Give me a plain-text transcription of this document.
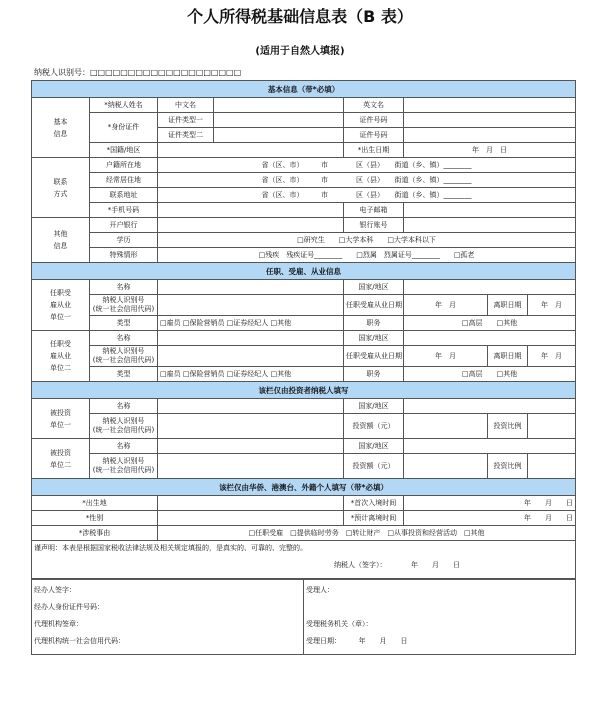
个人所得税基础信息表（B 表）
(适用于自然人填报)
纳税人识别号：□□□□□□□□□□□□□□□□□□□□
基本信息（带*必填）							
基本
信息	*纳税人姓名	中文名		英文名			
	*身份证件	证件类型一		证件号码			
		证件类型二		证件号码			
	*国籍/地区			*出生日期	年　月　日		
联系
方式	户籍所在地	省（区、市）　　　市　　　　区（县）　　街道（乡、镇）________					
	经常居住地	省（区、市）　　　市　　　　区（县）　　街道（乡、镇）________					
	联系地址	省（区、市）　　　市　　　　区（县）　　街道（乡、镇）________					
	*手机号码			电子邮箱			
其他
信息	开户银行			银行账号			
	学历	□研究生　　□大学本科　　□大学本科以下					
	特殊情形	□残疾　残疾证号________　　□烈属　烈属证号________　　□孤老					
任职、受雇、从业信息							
任职受
雇从业
单位一	名称			国家/地区			
	纳税人识别号
(统一社会信用代码)			任职受雇从业日期	年　月	离职日期	年　月
	类型	□雇员 □保险营销员 □证券经纪人 □其他		职务	□高层　　□其他		
任职受
雇从业
单位二	名称			国家/地区			
	纳税人识别号
(统一社会信用代码)			任职受雇从业日期	年　月	离职日期	年　月
	类型	□雇员 □保险营销员 □证券经纪人 □其他		职务	□高层　　□其他		
该栏仅由投资者纳税人填写							
被投资
单位一	名称			国家/地区			
	纳税人识别号
(统一社会信用代码)			投资额（元）		投资比例	
被投资
单位二	名称			国家/地区			
	纳税人识别号
(统一社会信用代码)			投资额（元）		投资比例	
该栏仅由华侨、港澳台、外籍个人填写（带*必填）							
*出生地				*首次入境时间	年　　月　　日		
*性别				*预计离境时间	年　　月　　日		
*涉税事由		□任职受雇　□提供临时劳务　□转让财产　□从事投资和经营活动　□其他					

谨声明：本表是根据国家税收法律法规及相关规定填报的，是真实的、可靠的、完整的。
纳税人（签字）：　　　　年　　月　　日							
经办人签字：
经办人身份证件号码：
代理机构签章：
代理机构统一社会信用代码：

受理人：

受理税务机关（章）：
受理日期：　　　年　　月　　日
